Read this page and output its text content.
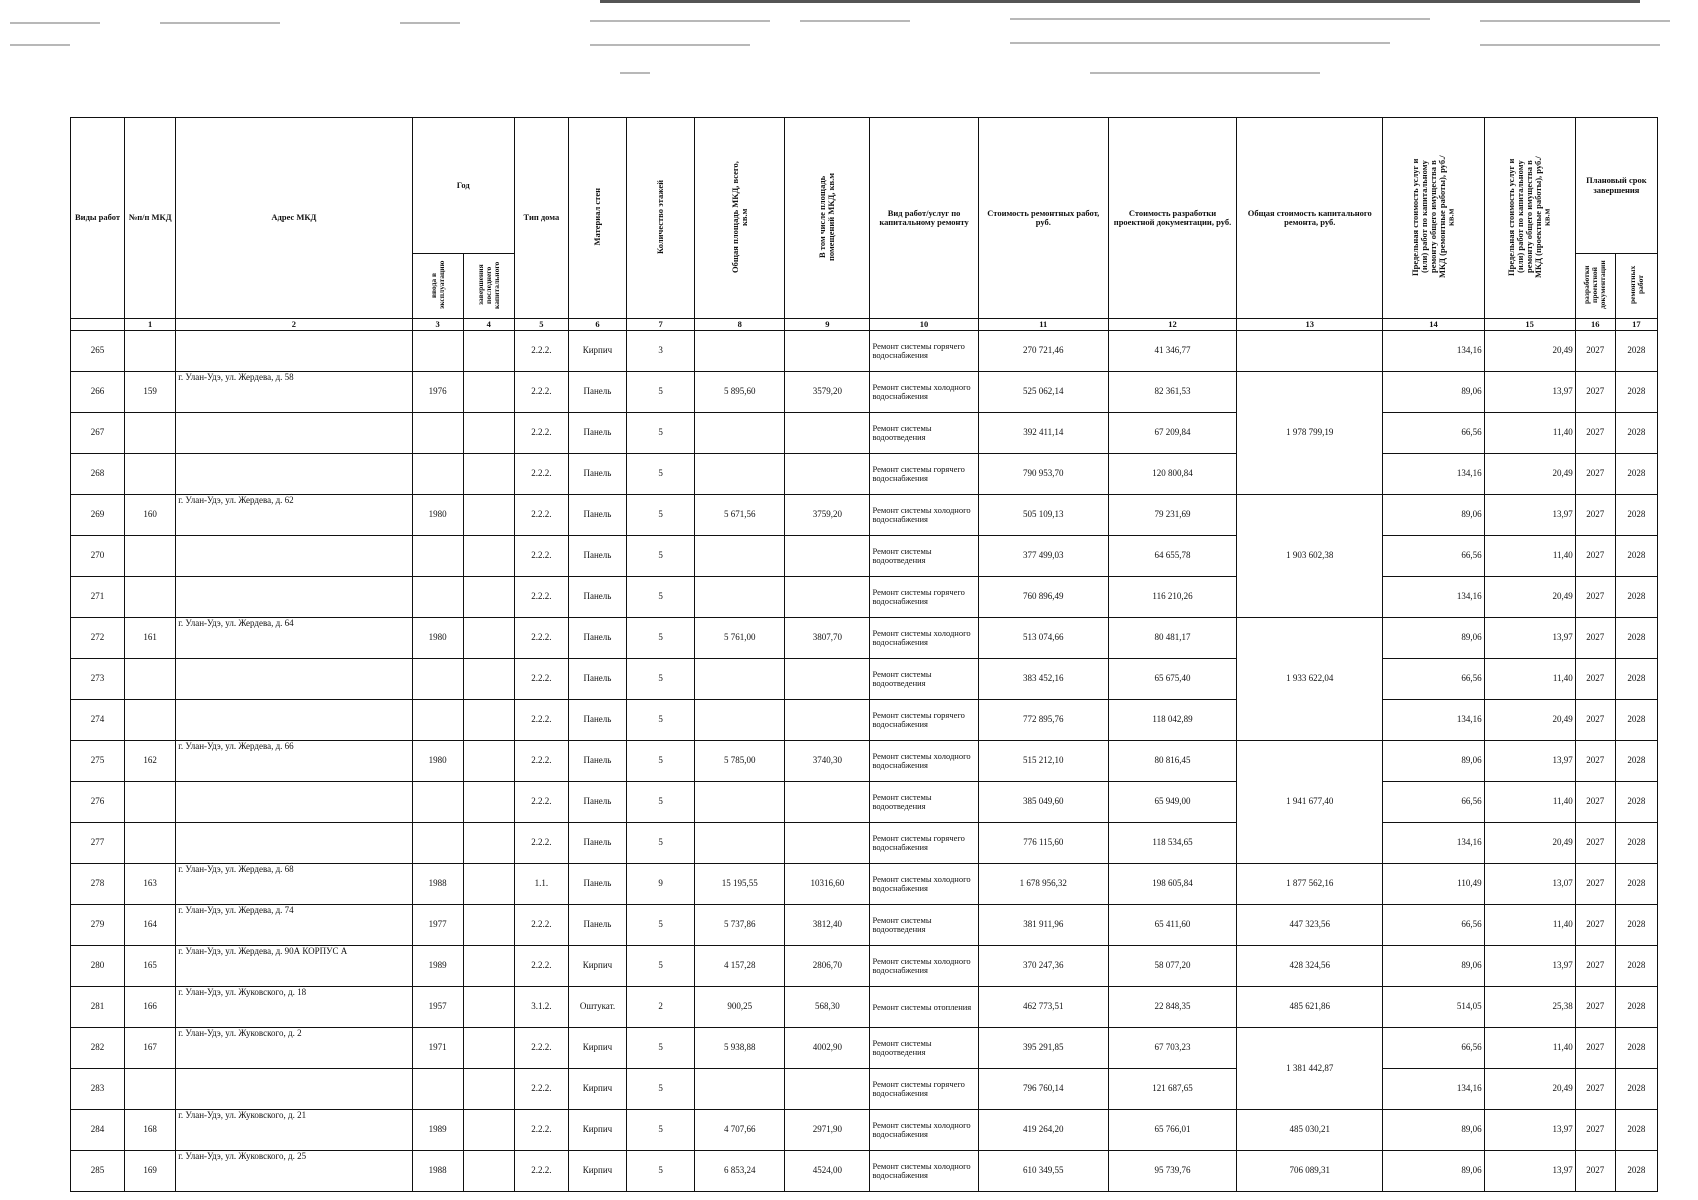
Виды работ	№п/п МКД	Адрес МКД	Год		Тип дома	Материал стен	Количество этажей	Общая площадь МКД, всего, кв.м	В том числе площадь помещений МКД, кв.м	Вид работ/услуг по капитальному ремонту	Стоимость ремонтных работ, руб.	Стоимость разработки проектной документации, руб.	Общая стоимость капитального ремонта, руб.	Предельная стоимость услуг и (или) работ по капитальному ремонту общего имущества в МКД (ремонтные работы), руб./кв.м	Предельная стоимость услуг и (или) работ по капитальному ремонту общего имущества в МКД (проектные работы), руб./кв.м	Плановый срок завершения	
			ввода в эксплуатацию	завершения последнего капитального												разработки проектной документации	ремонтных работ
	1	2	3	4	5	6	7	8	9	10	11	12	13	14	15	16	17
265					2.2.2.	Кирпич	3			Ремонт системы горячего водоснабжения	270 721,46	41 346,77		134,16	20,49	2027	2028
266	159	г. Улан-Удэ, ул. Жердева, д. 58	1976		2.2.2.	Панель	5	5 895,60	3579,20	Ремонт системы холодного водоснабжения	525 062,14	82 361,53	1 978 799,19	89,06	13,97	2027	2028
267					2.2.2.	Панель	5			Ремонт системы водоотведения	392 411,14	67 209,84		66,56	11,40	2027	2028
268					2.2.2.	Панель	5			Ремонт системы горячего водоснабжения	790 953,70	120 800,84		134,16	20,49	2027	2028
269	160	г. Улан-Удэ, ул. Жердева, д. 62	1980		2.2.2.	Панель	5	5 671,56	3759,20	Ремонт системы холодного водоснабжения	505 109,13	79 231,69	1 903 602,38	89,06	13,97	2027	2028
270					2.2.2.	Панель	5			Ремонт системы водоотведения	377 499,03	64 655,78		66,56	11,40	2027	2028
271					2.2.2.	Панель	5			Ремонт системы горячего водоснабжения	760 896,49	116 210,26		134,16	20,49	2027	2028
272	161	г. Улан-Удэ, ул. Жердева, д. 64	1980		2.2.2.	Панель	5	5 761,00	3807,70	Ремонт системы холодного водоснабжения	513 074,66	80 481,17	1 933 622,04	89,06	13,97	2027	2028
273					2.2.2.	Панель	5			Ремонт системы водоотведения	383 452,16	65 675,40		66,56	11,40	2027	2028
274					2.2.2.	Панель	5			Ремонт системы горячего водоснабжения	772 895,76	118 042,89		134,16	20,49	2027	2028
275	162	г. Улан-Удэ, ул. Жердева, д. 66	1980		2.2.2.	Панель	5	5 785,00	3740,30	Ремонт системы холодного водоснабжения	515 212,10	80 816,45	1 941 677,40	89,06	13,97	2027	2028
276					2.2.2.	Панель	5			Ремонт системы водоотведения	385 049,60	65 949,00		66,56	11,40	2027	2028
277					2.2.2.	Панель	5			Ремонт системы горячего водоснабжения	776 115,60	118 534,65		134,16	20,49	2027	2028
278	163	г. Улан-Удэ, ул. Жердева, д. 68	1988		1.1.	Панель	9	15 195,55	10316,60	Ремонт системы холодного водоснабжения	1 678 956,32	198 605,84	1 877 562,16	110,49	13,07	2027	2028
279	164	г. Улан-Удэ, ул. Жердева, д. 74	1977		2.2.2.	Панель	5	5 737,86	3812,40	Ремонт системы водоотведения	381 911,96	65 411,60	447 323,56	66,56	11,40	2027	2028
280	165	г. Улан-Удэ, ул. Жердева, д. 90А КОРПУС А	1989		2.2.2.	Кирпич	5	4 157,28	2806,70	Ремонт системы холодного водоснабжения	370 247,36	58 077,20	428 324,56	89,06	13,97	2027	2028
281	166	г. Улан-Удэ, ул. Жуковского, д. 18	1957		3.1.2.	Оштукат.	2	900,25	568,30	Ремонт системы отопления	462 773,51	22 848,35	485 621,86	514,05	25,38	2027	2028
282	167	г. Улан-Удэ, ул. Жуковского, д. 2	1971		2.2.2.	Кирпич	5	5 938,88	4002,90	Ремонт системы водоотведения	395 291,85	67 703,23	1 381 442,87	66,56	11,40	2027	2028
283					2.2.2.	Кирпич	5			Ремонт системы горячего водоснабжения	796 760,14	121 687,65		134,16	20,49	2027	2028
284	168	г. Улан-Удэ, ул. Жуковского, д. 21	1989		2.2.2.	Кирпич	5	4 707,66	2971,90	Ремонт системы холодного водоснабжения	419 264,20	65 766,01	485 030,21	89,06	13,97	2027	2028
285	169	г. Улан-Удэ, ул. Жуковского, д. 25	1988		2.2.2.	Кирпич	5	6 853,24	4524,00	Ремонт системы холодного водоснабжения	610 349,55	95 739,76	706 089,31	89,06	13,97	2027	2028
